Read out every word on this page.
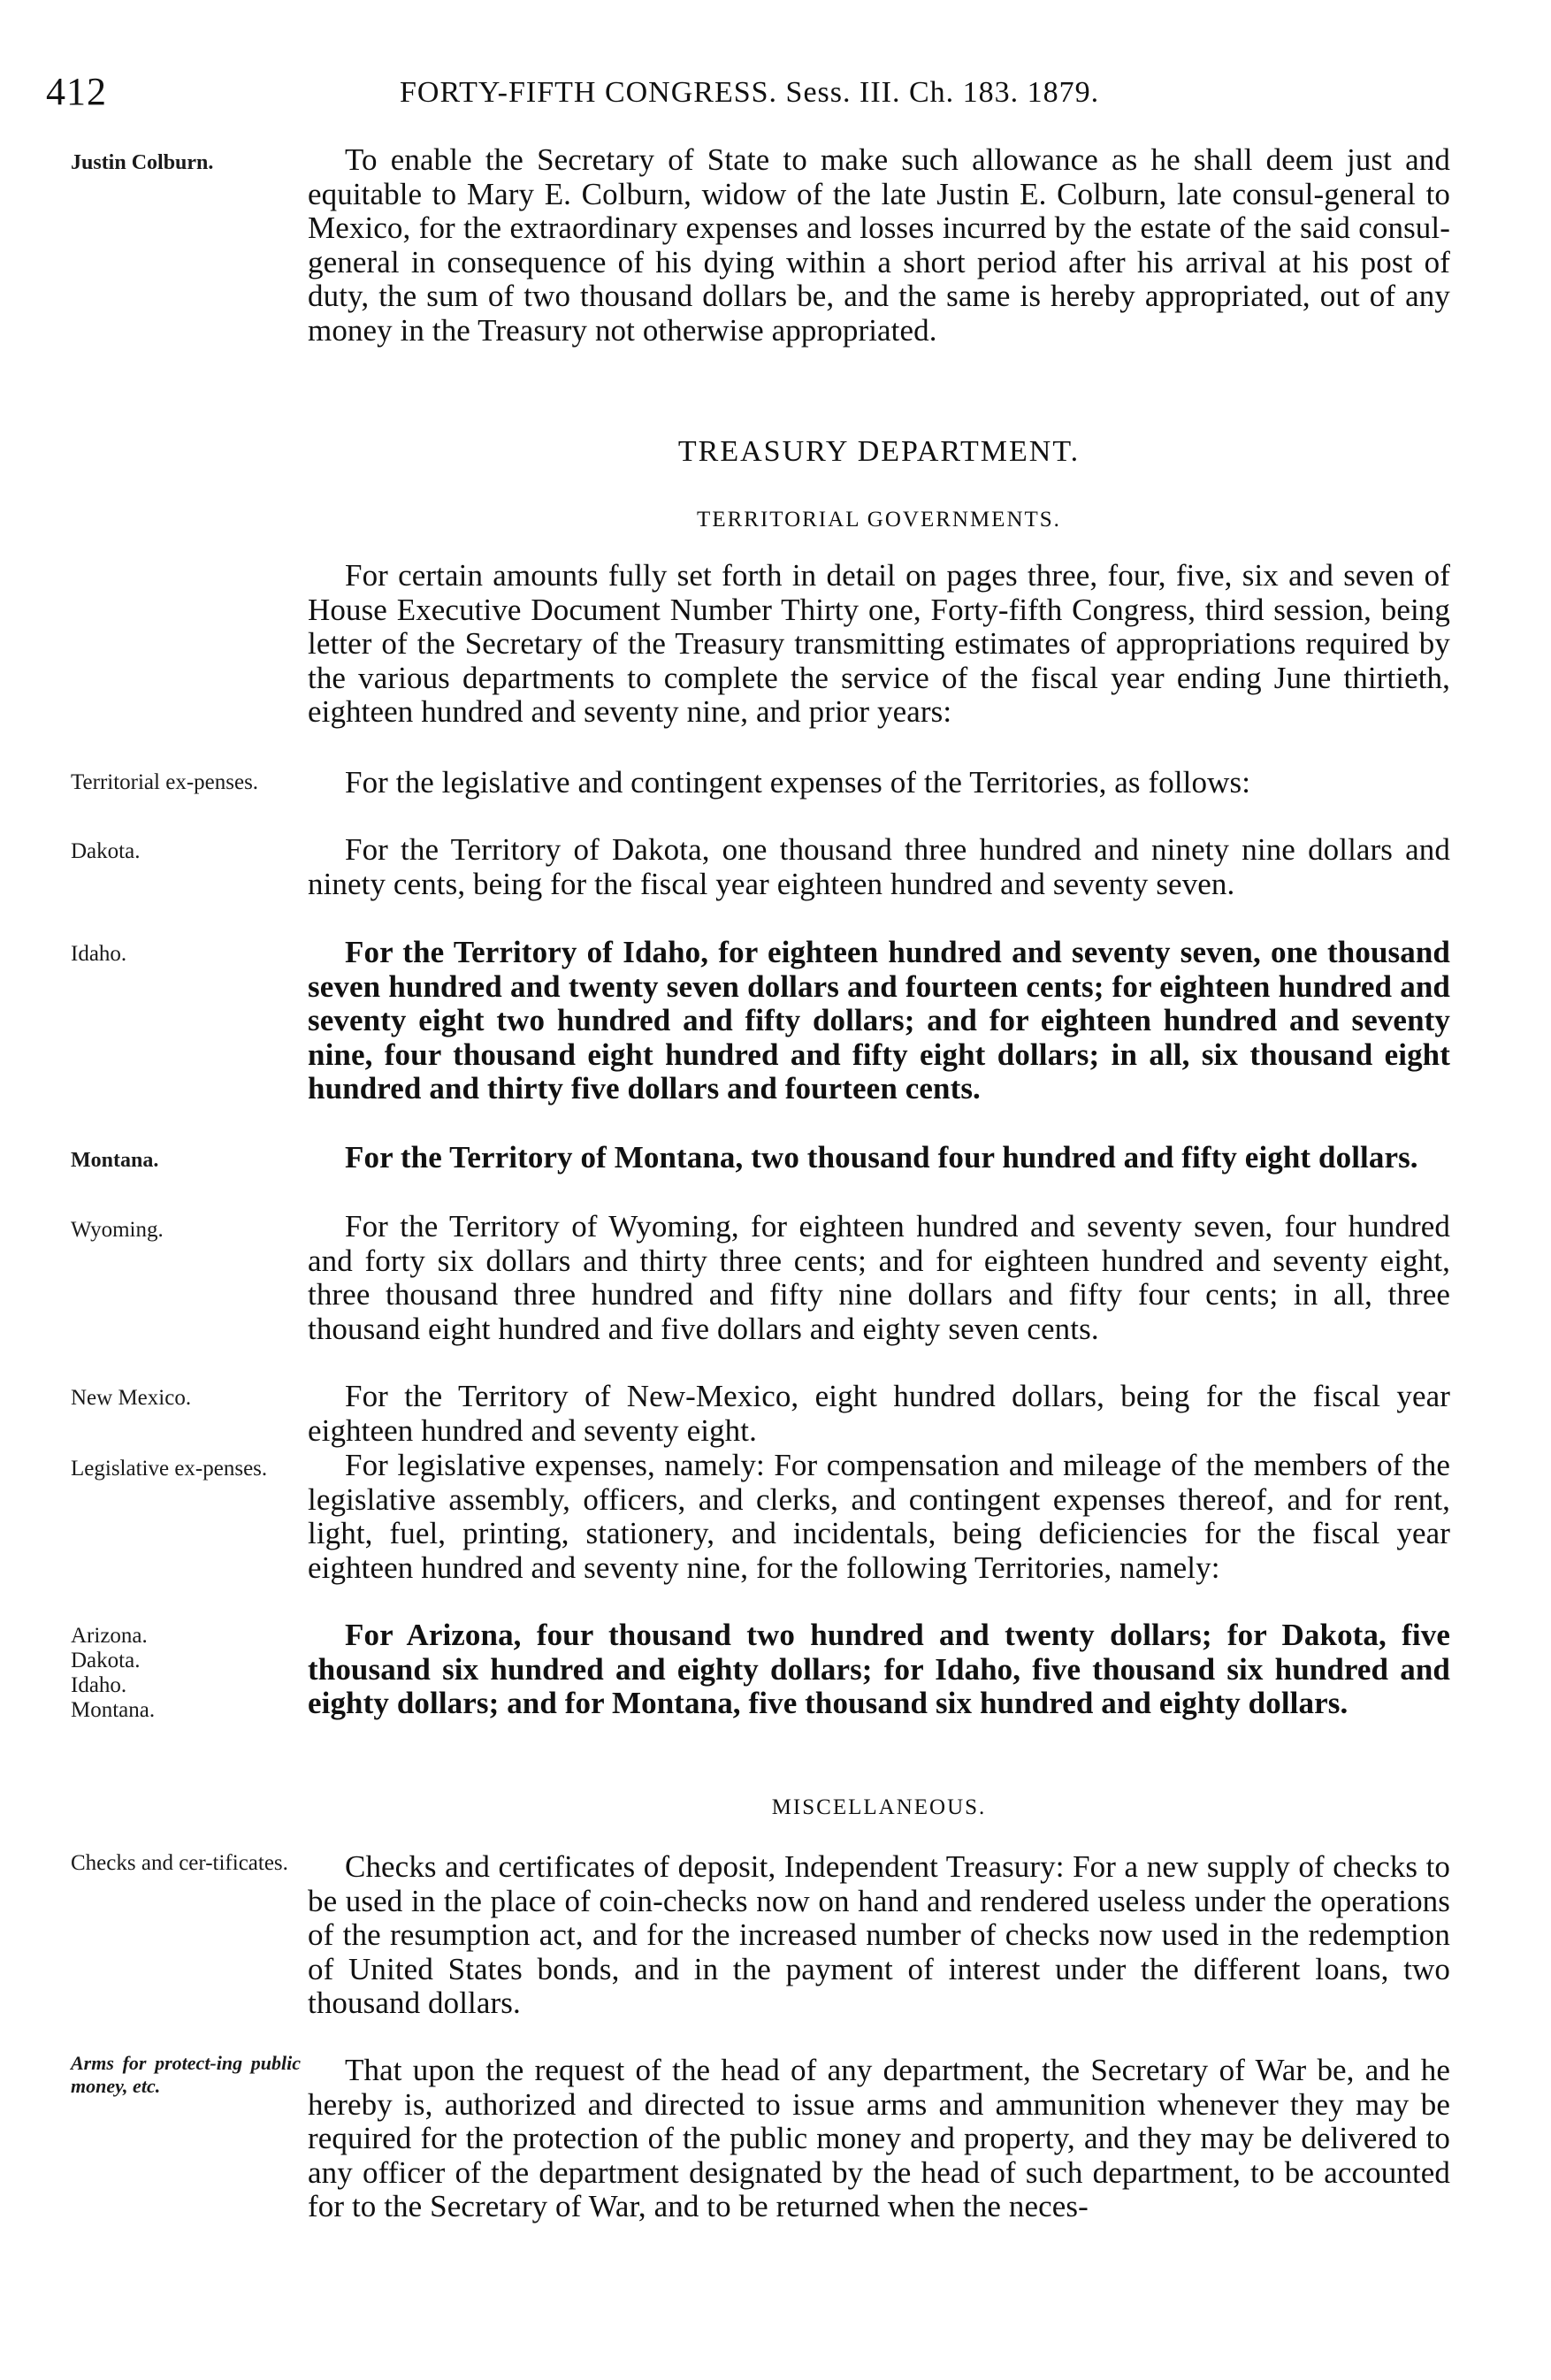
412	FORTY-FIFTH CONGRESS. Sess. III. Ch. 183. 1879.
Justin Colburn.	To enable the Secretary of State to make such allowance as he shall deem just and equitable to Mary E. Colburn, widow of the late Justin E. Colburn, late consul-general to Mexico, for the extraordinary expenses and losses incurred by the estate of the said consul-general in consequence of his dying within a short period after his arrival at his post of duty, the sum of two thousand dollars be, and the same is hereby appropriated, out of any money in the Treasury not otherwise appropriated.

TREASURY DEPARTMENT.
TERRITORIAL GOVERNMENTS.

For certain amounts fully set forth in detail on pages three, four, five, six and seven of House Executive Document Number Thirty one, Forty-fifth Congress, third session, being letter of the Secretary of the Treasury transmitting estimates of appropriations required by the various departments to complete the service of the fiscal year ending June thirtieth, eighteen hundred and seventy nine, and prior years:

Territorial ex-penses.	For the legislative and contingent expenses of the Territories, as follows:

Dakota.	For the Territory of Dakota, one thousand three hundred and ninety nine dollars and ninety cents, being for the fiscal year eighteen hundred and seventy seven.

Idaho.	For the Territory of Idaho, for eighteen hundred and seventy seven, one thousand seven hundred and twenty seven dollars and fourteen cents; for eighteen hundred and seventy eight two hundred and fifty dollars; and for eighteen hundred and seventy nine, four thousand eight hundred and fifty eight dollars; in all, six thousand eight hundred and thirty five dollars and fourteen cents.

Montana.	For the Territory of Montana, two thousand four hundred and fifty eight dollars.

Wyoming.	For the Territory of Wyoming, for eighteen hundred and seventy seven, four hundred and forty six dollars and thirty three cents; and for eighteen hundred and seventy eight, three thousand three hundred and fifty nine dollars and fifty four cents; in all, three thousand eight hundred and five dollars and eighty seven cents.

New Mexico.	For the Territory of New-Mexico, eight hundred dollars, being for the fiscal year eighteen hundred and seventy eight.

Legislative ex-penses.	For legislative expenses, namely: For compensation and mileage of the members of the legislative assembly, officers, and clerks, and contingent expenses thereof, and for rent, light, fuel, printing, stationery, and incidentals, being deficiencies for the fiscal year eighteen hundred and seventy nine, for the following Territories, namely:

Arizona.
Dakota.
Idaho.
Montana.

For Arizona, four thousand two hundred and twenty dollars; for Dakota, five thousand six hundred and eighty dollars; for Idaho, five thousand six hundred and eighty dollars; and for Montana, five thousand six hundred and eighty dollars.

MISCELLANEOUS.
Checks and cer-tificates.	Checks and certificates of deposit, Independent Treasury: For a new supply of checks to be used in the place of coin-checks now on hand and rendered useless under the operations of the resumption act, and for the increased number of checks now used in the redemption of United States bonds, and in the payment of interest under the different loans, two thousand dollars.

Arms for protect-ing public money, etc.	That upon the request of the head of any department, the Secretary of War be, and he hereby is, authorized and directed to issue arms and ammunition whenever they may be required for the protection of the public money and property, and they may be delivered to any officer of the department designated by the head of such department, to be accounted for to the Secretary of War, and to be returned when the neces-
